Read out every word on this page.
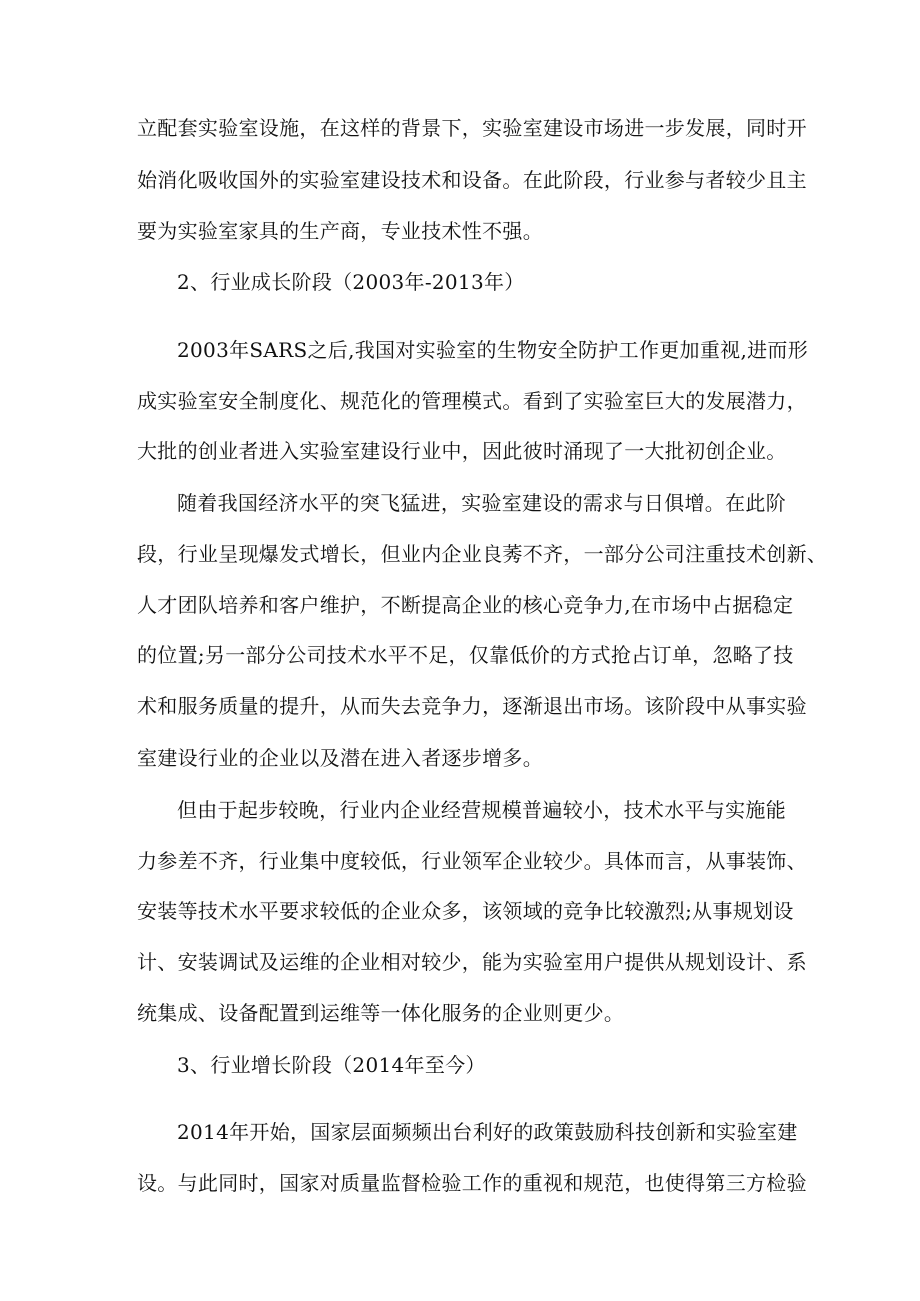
立配套实验室设施，在这样的背景下，实验室建设市场进一步发展，同时开
始消化吸收国外的实验室建设技术和设备。在此阶段，行业参与者较少且主
要为实验室家具的生产商，专业技术性不强。
2、行业成长阶段（2003年-2013年）
2003年SARS之后,我国对实验室的生物安全防护工作更加重视,进而形
成实验室安全制度化、规范化的管理模式。看到了实验室巨大的发展潜力，
大批的创业者进入实验室建设行业中，因此彼时涌现了一大批初创企业。
随着我国经济水平的突飞猛进，实验室建设的需求与日俱增。在此阶
段，行业呈现爆发式增长，但业内企业良莠不齐，一部分公司注重技术创新、
人才团队培养和客户维护，不断提高企业的核心竞争力,在市场中占据稳定
的位置;另一部分公司技术水平不足，仅靠低价的方式抢占订单，忽略了技
术和服务质量的提升，从而失去竞争力，逐渐退出市场。该阶段中从事实验
室建设行业的企业以及潜在进入者逐步增多。
但由于起步较晚，行业内企业经营规模普遍较小，技术水平与实施能
力参差不齐，行业集中度较低，行业领军企业较少。具体而言，从事装饰、
安装等技术水平要求较低的企业众多，该领域的竞争比较激烈;从事规划设
计、安装调试及运维的企业相对较少，能为实验室用户提供从规划设计、系
统集成、设备配置到运维等一体化服务的企业则更少。
3、行业增长阶段（2014年至今）
2014年开始，国家层面频频出台利好的政策鼓励科技创新和实验室建
设。与此同时，国家对质量监督检验工作的重视和规范，也使得第三方检验
